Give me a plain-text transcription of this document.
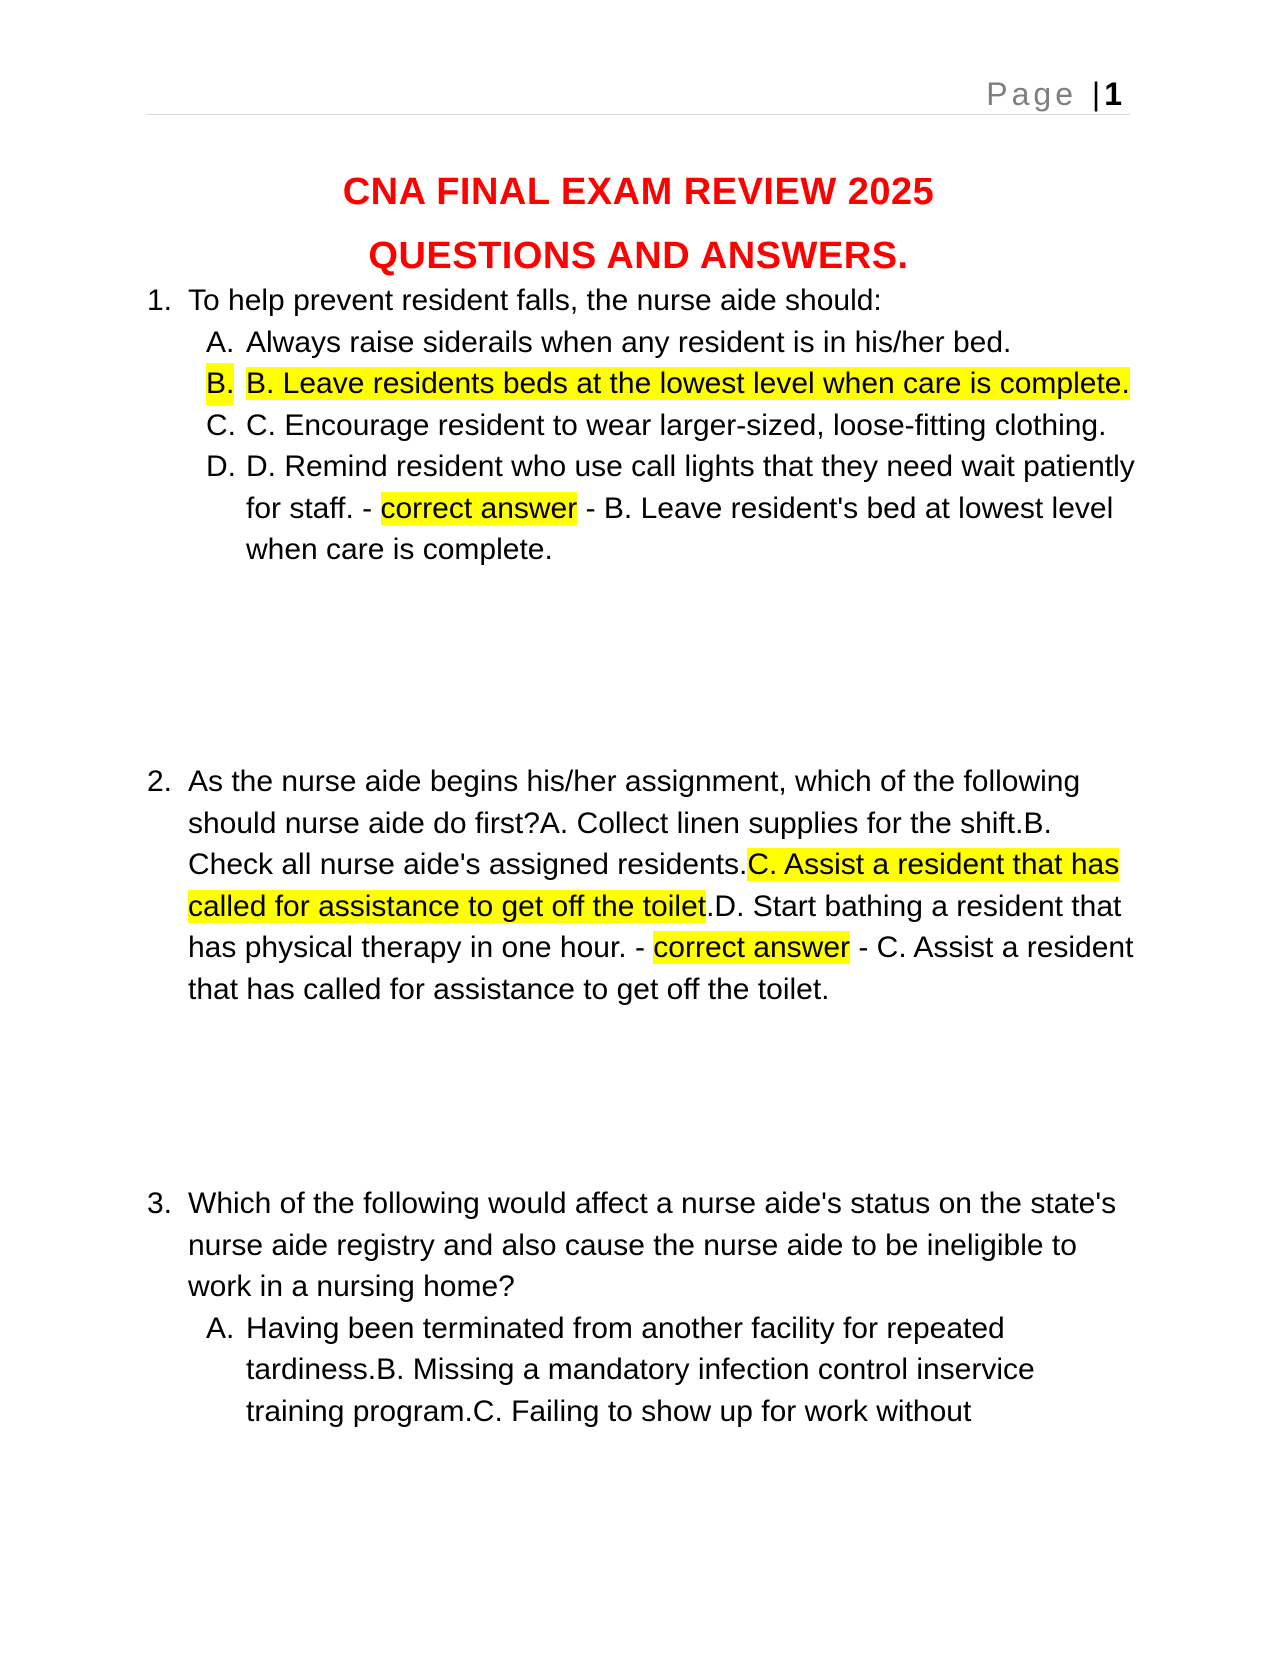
Page | 1
CNA FINAL EXAM REVIEW 2025
QUESTIONS AND ANSWERS.
1. To help prevent resident falls, the nurse aide should:
A. Always raise siderails when any resident is in his/her bed.
B. B. Leave residents beds at the lowest level when care is complete.
C. C. Encourage resident to wear larger-sized, loose-fitting clothing.
D. D. Remind resident who use call lights that they need wait patiently for staff. - correct answer - B. Leave resident's bed at lowest level when care is complete.
2. As the nurse aide begins his/her assignment, which of the following should nurse aide do first?A. Collect linen supplies for the shift.B. Check all nurse aide's assigned residents.C. Assist a resident that has called for assistance to get off the toilet.D. Start bathing a resident that has physical therapy in one hour. - correct answer - C. Assist a resident that has called for assistance to get off the toilet.
3. Which of the following would affect a nurse aide's status on the state's nurse aide registry and also cause the nurse aide to be ineligible to work in a nursing home?
A. Having been terminated from another facility for repeated tardiness.B. Missing a mandatory infection control inservice training program.C. Failing to show up for work without
